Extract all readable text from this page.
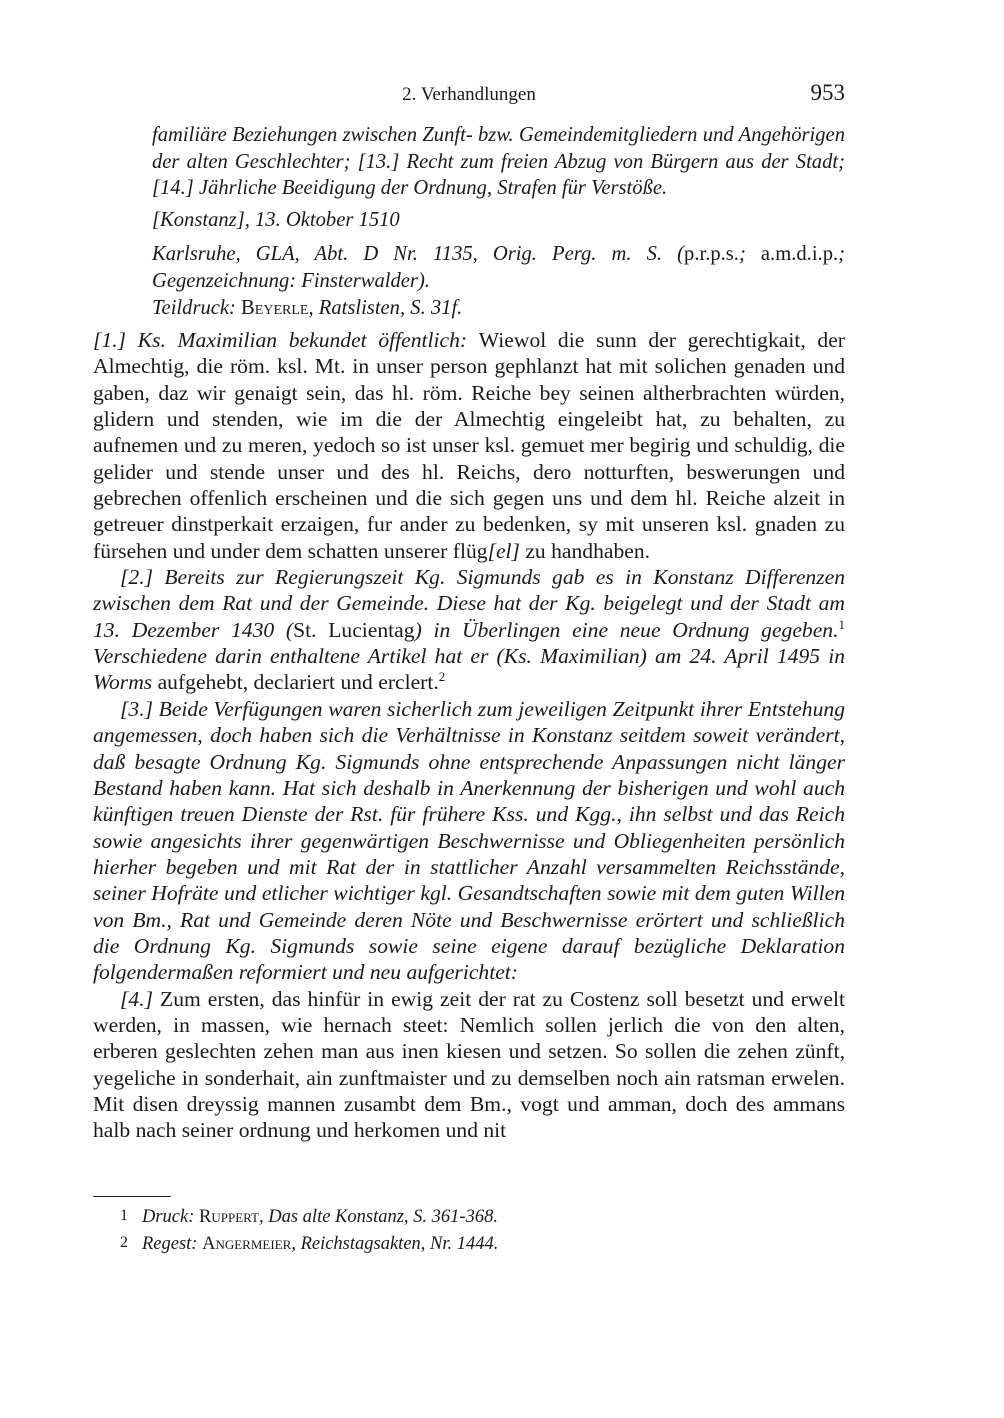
2. Verhandlungen	953
familiäre Beziehungen zwischen Zunft- bzw. Gemeindemitgliedern und Angehörigen der alten Geschlechter; [13.] Recht zum freien Abzug von Bürgern aus der Stadt; [14.] Jährliche Beeidigung der Ordnung, Strafen für Verstöße.
[Konstanz], 13. Oktober 1510
Karlsruhe, GLA, Abt. D Nr. 1135, Orig. Perg. m. S. (p.r.p.s.; a.m.d.i.p.; Gegenzeichnung: Finsterwalder).
Teildruck: Beyerle, Ratslisten, S. 31f.

[1.] Ks. Maximilian bekundet öffentlich: Wiewol die sunn der gerechtigkait, der Almechtig, die röm. ksl. Mt. in unser person gephlanzt hat mit solichen genaden und gaben, daz wir genaigt sein, das hl. röm. Reiche bey seinen altherbrachten würden, glidern und stenden, wie im die der Almechtig eingeleibt hat, zu behalten, zu aufnemen und zu meren, yedoch so ist unser ksl. gemuet mer begirig und schuldig, die gelider und stende unser und des hl. Reichs, dero notturften, beswerungen und gebrechen offenlich erscheinen und die sich gegen uns und dem hl. Reiche alzeit in getreuer dinstperkait erzaigen, fur ander zu bedenken, sy mit unseren ksl. gnaden zu fürsehen und under dem schatten unserer flüg[el] zu handhaben.

[2.] Bereits zur Regierungszeit Kg. Sigmunds gab es in Konstanz Differenzen zwischen dem Rat und der Gemeinde. Diese hat der Kg. beigelegt und der Stadt am 13. Dezember 1430 (St. Lucientag) in Überlingen eine neue Ordnung gegeben.$^1$ Verschiedene darin enthaltene Artikel hat er (Ks. Maximilian) am 24. April 1495 in Worms aufgehebt, declariert und erclert.$^2$

[3.] Beide Verfügungen waren sicherlich zum jeweiligen Zeitpunkt ihrer Entstehung angemessen, doch haben sich die Verhältnisse in Konstanz seitdem soweit verändert, daß besagte Ordnung Kg. Sigmunds ohne entsprechende Anpassungen nicht länger Bestand haben kann. Hat sich deshalb in Anerkennung der bisherigen und wohl auch künftigen treuen Dienste der Rst. für frühere Kss. und Kgg., ihn selbst und das Reich sowie angesichts ihrer gegenwärtigen Beschwernisse und Obliegenheiten persönlich hierher begeben und mit Rat der in stattlicher Anzahl versammelten Reichsstände, seiner Hofräte und etlicher wichtiger kgl. Gesandtschaften sowie mit dem guten Willen von Bm., Rat und Gemeinde deren Nöte und Beschwernisse erörtert und schließlich die Ordnung Kg. Sigmunds sowie seine eigene darauf bezügliche Deklaration folgendermaßen reformiert und neu aufgerichtet:

[4.] Zum ersten, das hinfür in ewig zeit der rat zu Costenz soll besetzt und erwelt werden, in massen, wie hernach steet: Nemlich sollen jerlich die von den alten, erberen geslechten zehen man aus inen kiesen und setzen. So sollen die zehen zünft, yegeliche in sonderhait, ain zunftmaister und zu demselben noch ain ratsman erwelen. Mit disen dreyssig mannen zusambt dem Bm., vogt und amman, doch des ammans halb nach seiner ordnung und herkomen und nit

1 Druck: Ruppert, Das alte Konstanz, S. 361-368.
2 Regest: Angermeier, Reichstagsakten, Nr. 1444.
